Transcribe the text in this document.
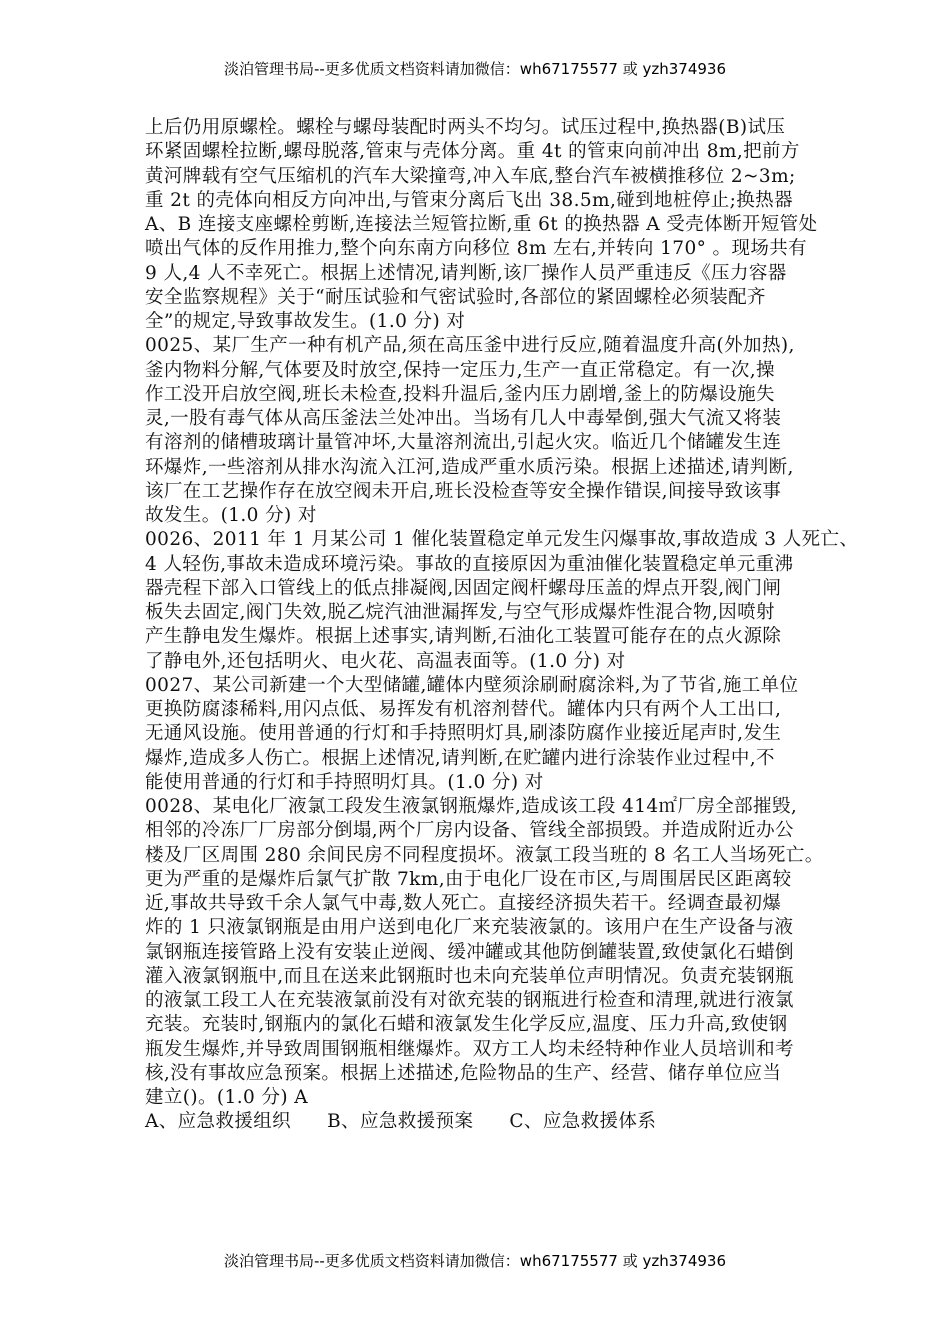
淡泊管理书局--更多优质文档资料请加微信：wh67175577 或 yzh374936
上后仍用原螺栓。螺栓与螺母装配时两头不均匀。试压过程中,换热器(B)试压
环紧固螺栓拉断,螺母脱落,管束与壳体分离。重 4t 的管束向前冲出 8m,把前方
黄河牌载有空气压缩机的汽车大梁撞弯,冲入车底,整台汽车被横推移位 2~3m;
重 2t 的壳体向相反方向冲出,与管束分离后飞出 38.5m,碰到地桩停止;换热器
A、B 连接支座螺栓剪断,连接法兰短管拉断,重 6t 的换热器 A 受壳体断开短管处
喷出气体的反作用推力,整个向东南方向移位 8m 左右,并转向 170° 。现场共有
9 人,4 人不幸死亡。根据上述情况,请判断,该厂操作人员严重违反《压力容器
安全监察规程》关于“耐压试验和气密试验时,各部位的紧固螺栓必须装配齐
全”的规定,导致事故发生。(1.0 分) 对
0025、某厂生产一种有机产品,须在高压釜中进行反应,随着温度升高(外加热),
釜内物料分解,气体要及时放空,保持一定压力,生产一直正常稳定。有一次,操
作工没开启放空阀,班长未检查,投料升温后,釜内压力剧增,釜上的防爆设施失
灵,一股有毒气体从高压釜法兰处冲出。当场有几人中毒晕倒,强大气流又将装
有溶剂的储槽玻璃计量管冲坏,大量溶剂流出,引起火灾。临近几个储罐发生连
环爆炸,一些溶剂从排水沟流入江河,造成严重水质污染。根据上述描述,请判断,
该厂在工艺操作存在放空阀未开启,班长没检查等安全操作错误,间接导致该事
故发生。(1.0 分) 对
0026、2011 年 1 月某公司 1 催化装置稳定单元发生闪爆事故,事故造成 3 人死亡、
4 人轻伤,事故未造成环境污染。事故的直接原因为重油催化装置稳定单元重沸
器壳程下部入口管线上的低点排凝阀,因固定阀杆螺母压盖的焊点开裂,阀门闸
板失去固定,阀门失效,脱乙烷汽油泄漏挥发,与空气形成爆炸性混合物,因喷射
产生静电发生爆炸。根据上述事实,请判断,石油化工装置可能存在的点火源除
了静电外,还包括明火、电火花、高温表面等。(1.0 分) 对
0027、某公司新建一个大型储罐,罐体内壁须涂刷耐腐涂料,为了节省,施工单位
更换防腐漆稀料,用闪点低、易挥发有机溶剂替代。罐体内只有两个人工出口,
无通风设施。使用普通的行灯和手持照明灯具,刷漆防腐作业接近尾声时,发生
爆炸,造成多人伤亡。根据上述情况,请判断,在贮罐内进行涂装作业过程中,不
能使用普通的行灯和手持照明灯具。(1.0 分) 对
0028、某电化厂液氯工段发生液氯钢瓶爆炸,造成该工段 414㎡厂房全部摧毁,
相邻的冷冻厂厂房部分倒塌,两个厂房内设备、管线全部损毁。并造成附近办公
楼及厂区周围 280 余间民房不同程度损坏。液氯工段当班的 8 名工人当场死亡。
更为严重的是爆炸后氯气扩散 7km,由于电化厂设在市区,与周围居民区距离较
近,事故共导致千余人氯气中毒,数人死亡。直接经济损失若干。经调查最初爆
炸的 1 只液氯钢瓶是由用户送到电化厂来充装液氯的。该用户在生产设备与液
氯钢瓶连接管路上没有安装止逆阀、缓冲罐或其他防倒罐装置,致使氯化石蜡倒
灌入液氯钢瓶中,而且在送来此钢瓶时也未向充装单位声明情况。负责充装钢瓶
的液氯工段工人在充装液氯前没有对欲充装的钢瓶进行检查和清理,就进行液氯
充装。充装时,钢瓶内的氯化石蜡和液氯发生化学反应,温度、压力升高,致使钢
瓶发生爆炸,并导致周围钢瓶相继爆炸。双方工人均未经特种作业人员培训和考
核,没有事故应急预案。根据上述描述,危险物品的生产、经营、储存单位应当
建立()。(1.0 分) A
A、应急救援组织 B、应急救援预案 C、应急救援体系
淡泊管理书局--更多优质文档资料请加微信：wh67175577 或 yzh374936
